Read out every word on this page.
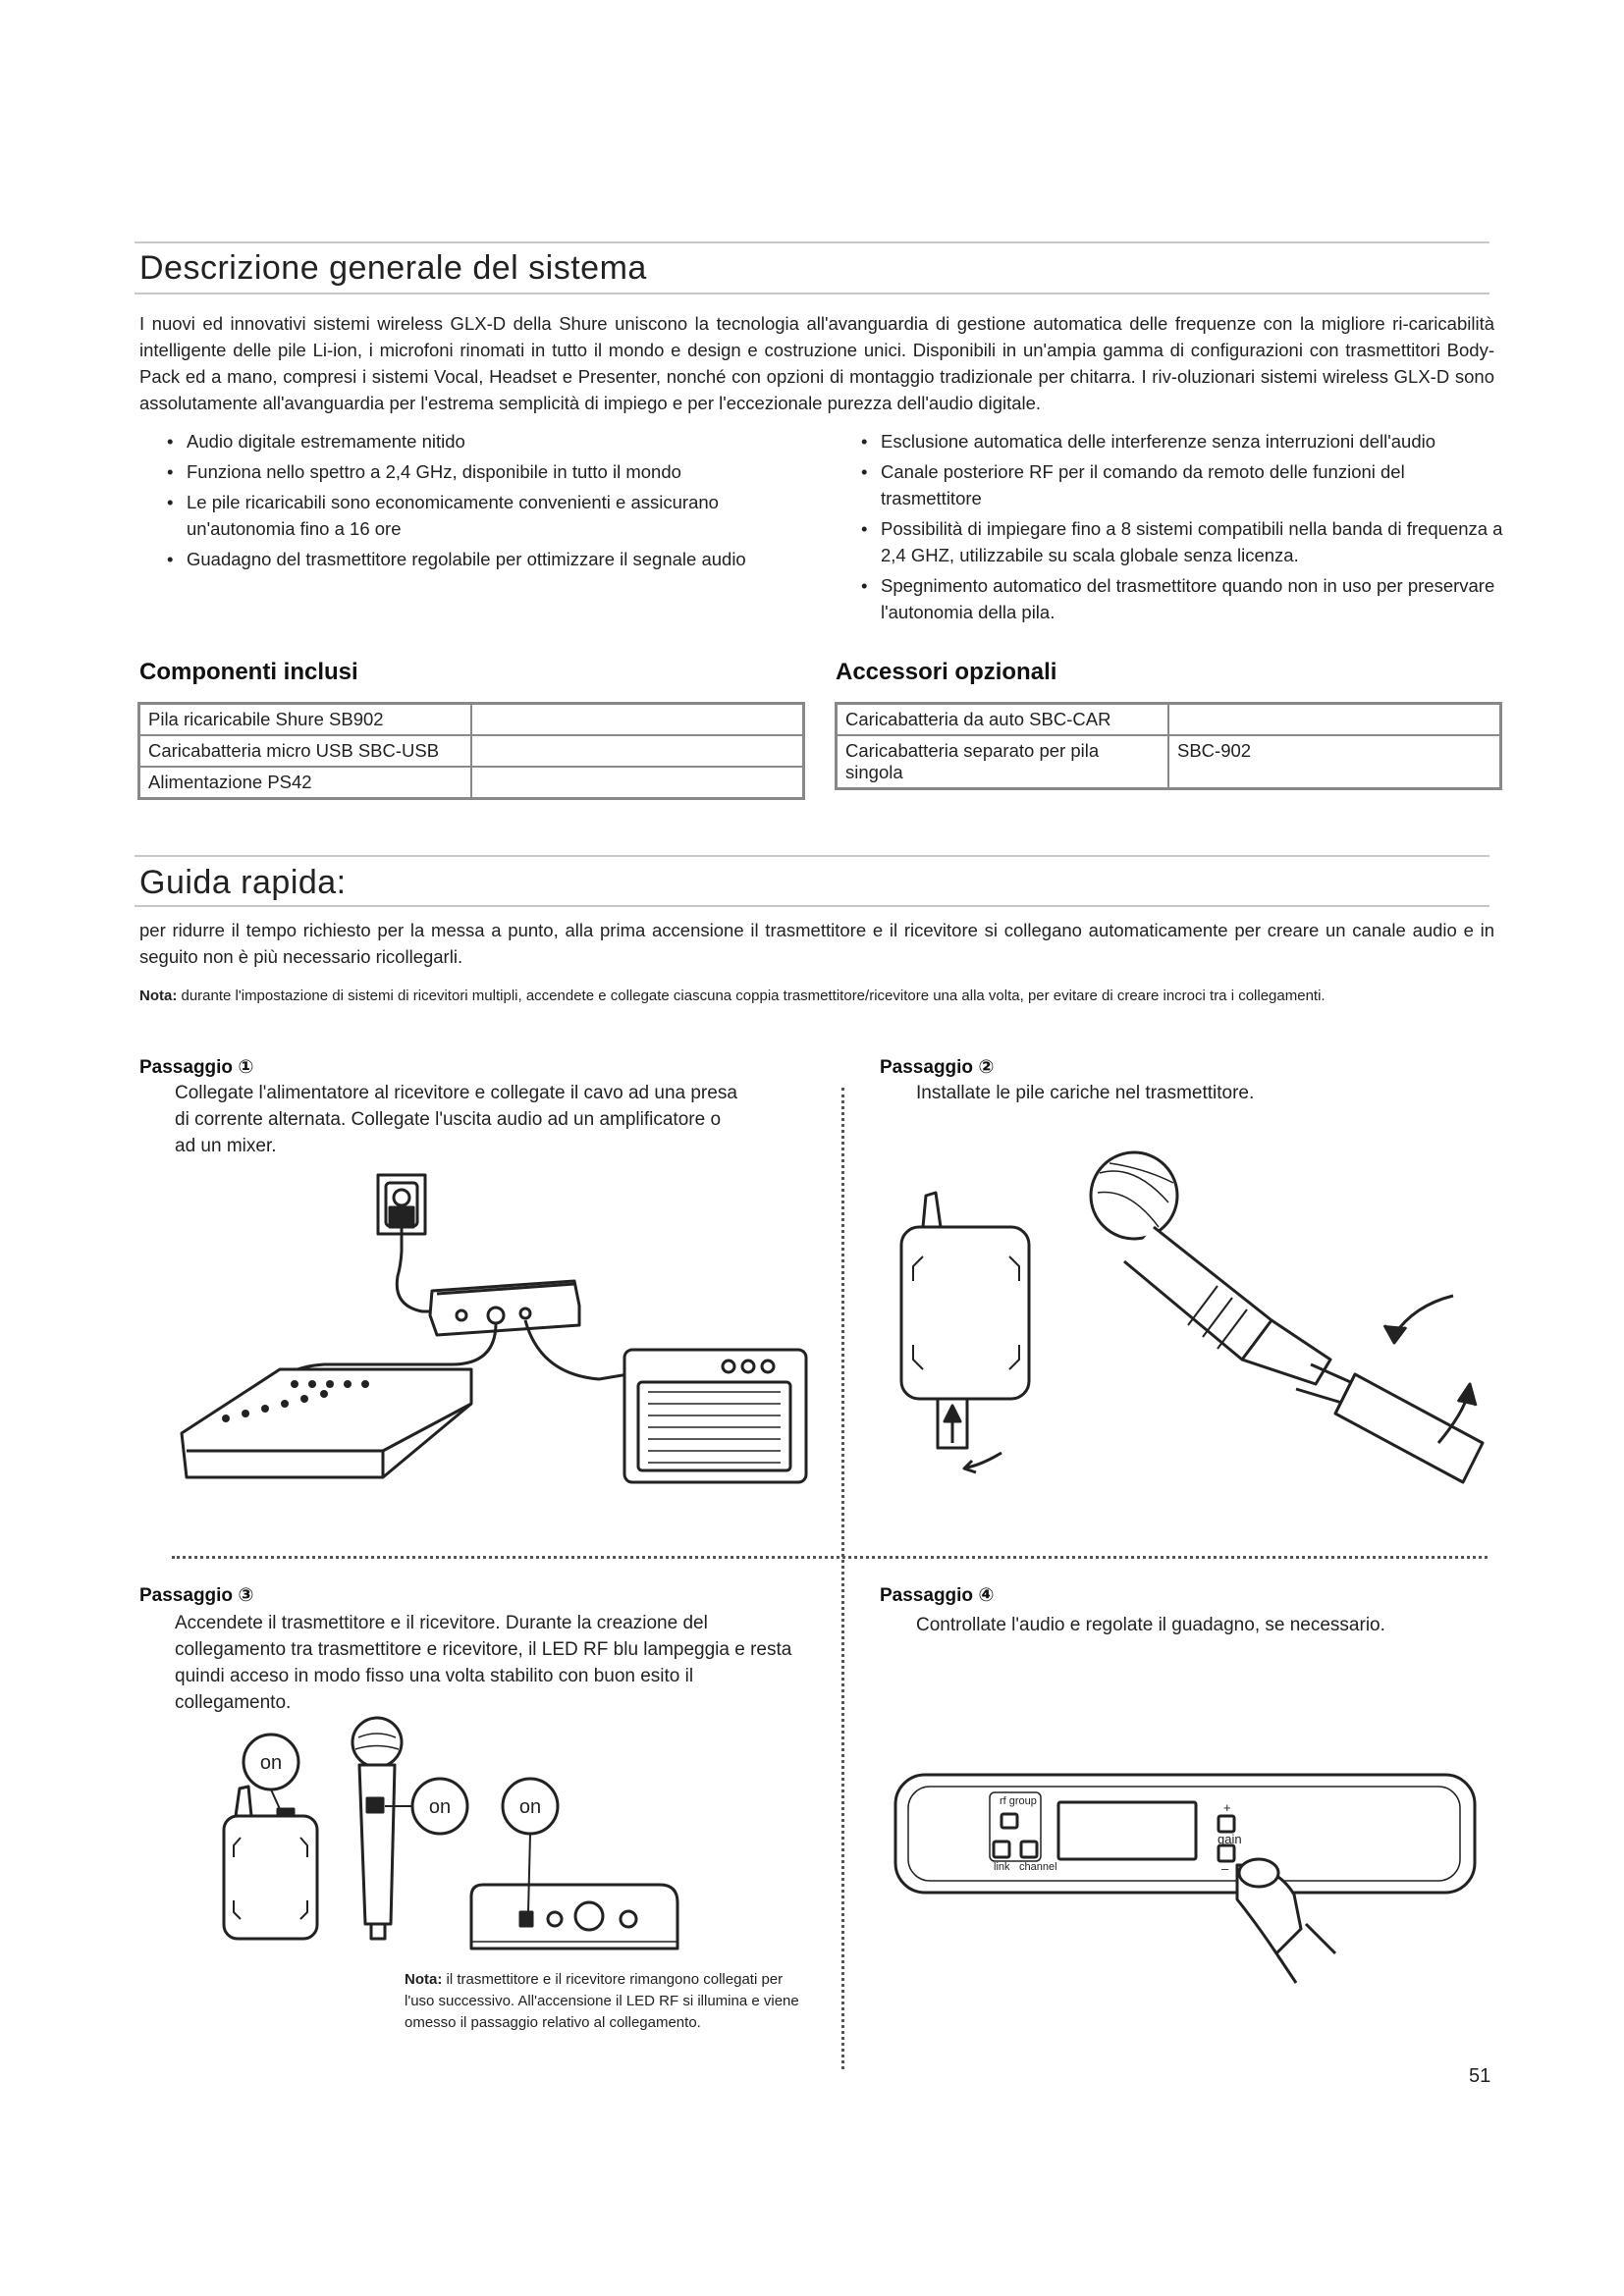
Descrizione generale del sistema
I nuovi ed innovativi sistemi wireless GLX-D della Shure uniscono la tecnologia all'avanguardia di gestione automatica delle frequenze con la migliore ri-caricabilità intelligente delle pile Li-ion, i microfoni rinomati in tutto il mondo e design e costruzione unici. Disponibili in un'ampia gamma di configurazioni con trasmettitori Body-Pack ed a mano, compresi i sistemi Vocal, Headset e Presenter, nonché con opzioni di montaggio tradizionale per chitarra. I riv-oluzionari sistemi wireless GLX-D sono assolutamente all'avanguardia per l'estrema semplicità di impiego e per l'eccezionale purezza dell'audio digitale.
• Audio digitale estremamente nitido
• Funziona nello spettro a 2,4 GHz, disponibile in tutto il mondo
• Le pile ricaricabili sono economicamente convenienti e assicurano un'autonomia fino a 16 ore
• Guadagno del trasmettitore regolabile per ottimizzare il segnale audio
• Esclusione automatica delle interferenze senza interruzioni dell'audio
• Canale posteriore RF per il comando da remoto delle funzioni del trasmettitore
• Possibilità di impiegare fino a 8 sistemi compatibili nella banda di frequenza a 2,4 GHZ, utilizzabile su scala globale senza licenza.
• Spegnimento automatico del trasmettitore quando non in uso per preservare l'autonomia della pila.
Componenti inclusi
Pila ricaricabile Shure SB902	
Caricabatteria micro USB SBC-USB	
Alimentazione PS42	
Accessori opzionali
Caricabatteria da auto SBC-CAR	
Caricabatteria separato per pila singola	SBC-902
Guida rapida:
per ridurre il tempo richiesto per la messa a punto, alla prima accensione il trasmettitore e il ricevitore si collegano automaticamente per creare un canale audio e in seguito non è più necessario ricollegarli.
Nota: durante l'impostazione di sistemi di ricevitori multipli, accendete e collegate ciascuna coppia trasmettitore/ricevitore una alla volta, per evitare di creare incroci tra i collegamenti.
Passaggio ①
Collegate l'alimentatore al ricevitore e collegate il cavo ad una presa di corrente alternata. Collegate l'uscita audio ad un amplificatore o ad un mixer.
Passaggio ②
Installate le pile cariche nel trasmettitore.
Passaggio ③
Accendete il trasmettitore e il ricevitore. Durante la creazione del collegamento tra trasmettitore e ricevitore, il LED RF blu lampeggia e resta quindi acceso in modo fisso una volta stabilito con buon esito il collegamento.
on
on	on
Nota: il trasmettitore e il ricevitore rimangono collegati per l'uso successivo. All'accensione il LED RF si illumina e viene omesso il passaggio relativo al collegamento.
Passaggio ④
Controllate l'audio e regolate il guadagno, se necessario.
rf group
link channel
gain
+
–
51
